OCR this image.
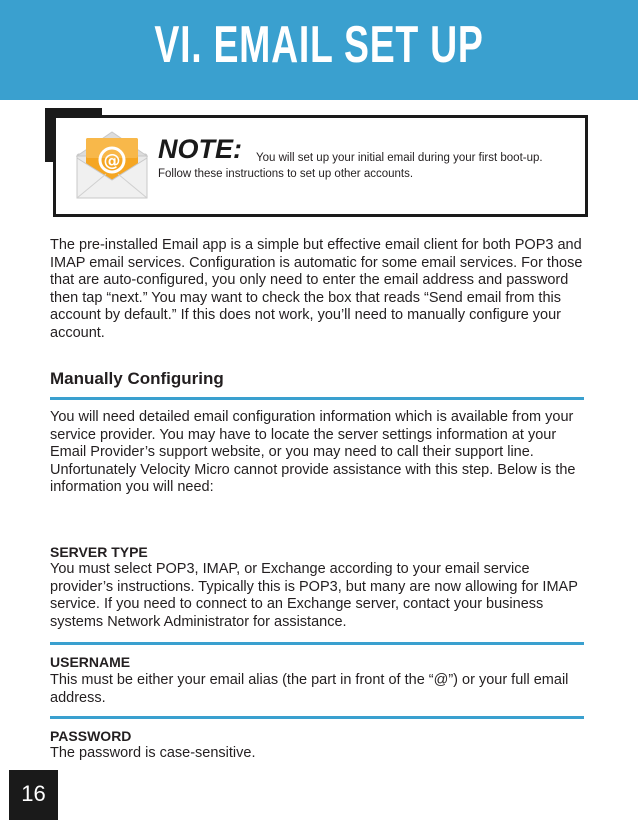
VI. EMAIL SET UP
@ NOTE:	You will set up your initial email during your first boot-up. Follow these instructions to set up other accounts.
The pre-installed Email app is a simple but effective email client for both POP3 and IMAP email services. Configuration is automatic for some email services. For those that are auto-configured, you only need to enter the email address and password then tap “next.” You may want to check the box that reads “Send email from this account by default.” If this does not work, you’ll need to manually configure your account.
Manually Configuring
You will need detailed email configuration information which is available from your service provider. You may have to locate the server settings information at your Email Provider’s support website, or you may need to call their support line. Unfortunately Velocity Micro cannot provide assistance with this step. Below is the information you will need:
SERVER TYPE
You must select POP3, IMAP, or Exchange according to your email service provider’s instructions. Typically this is POP3, but many are now allowing for IMAP service. If you need to connect to an Exchange server, contact your business systems Network Administrator for assistance.
USERNAME
This must be either your email alias (the part in front of the “@”) or your full email address.
PASSWORD
The password is case-sensitive.
16
